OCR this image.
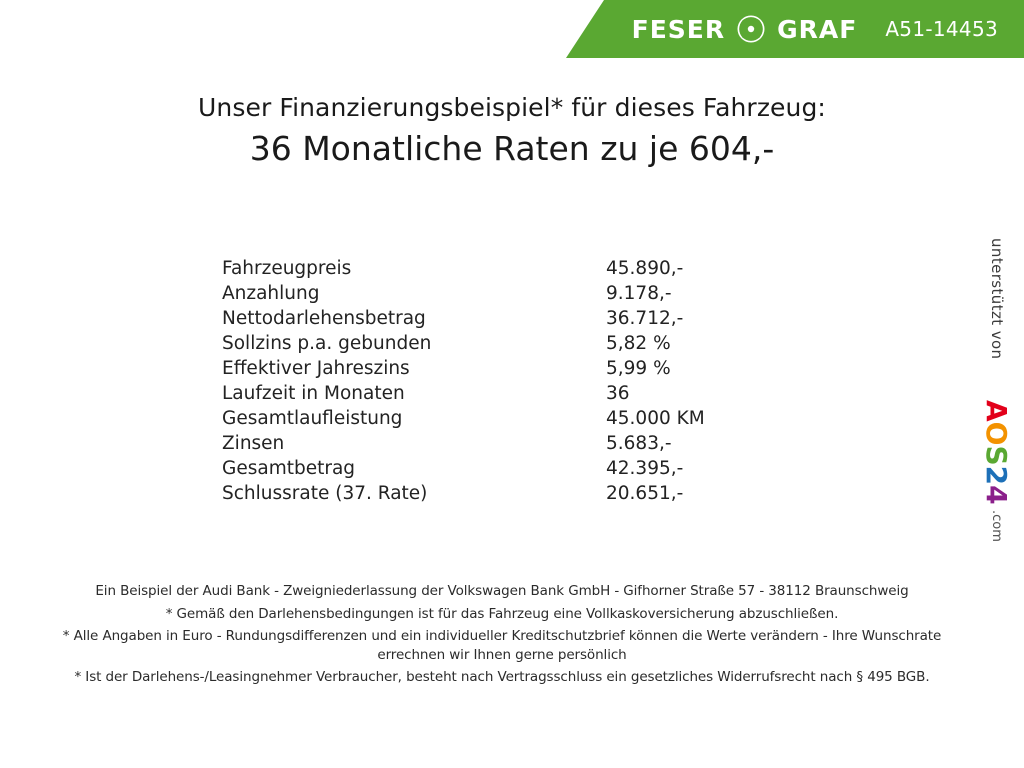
FESER GRAF A51-14453
Unser Finanzierungsbeispiel* für dieses Fahrzeug:
36 Monatliche Raten zu je 604,-
Fahrzeugpreis	45.890,-
Anzahlung	9.178,-
Nettodarlehensbetrag	36.712,-
Sollzins p.a. gebunden	5,82 %
Effektiver Jahreszins	5,99 %
Laufzeit in Monaten	36
Gesamtlaufleistung	45.000 KM
Zinsen	5.683,-
Gesamtbetrag	42.395,-
Schlussrate (37. Rate)	20.651,-
unterstützt von
AOS24
.com
Ein Beispiel der Audi Bank - Zweigniederlassung der Volkswagen Bank GmbH - Gifhorner Straße 57 - 38112 Braunschweig
* Gemäß den Darlehensbedingungen ist für das Fahrzeug eine Vollkaskoversicherung abzuschließen.
* Alle Angaben in Euro - Rundungsdifferenzen und ein individueller Kreditschutzbrief können die Werte verändern - Ihre Wunschrate errechnen wir Ihnen gerne persönlich
* Ist der Darlehens-/Leasingnehmer Verbraucher, besteht nach Vertragsschluss ein gesetzliches Widerrufsrecht nach § 495 BGB.
